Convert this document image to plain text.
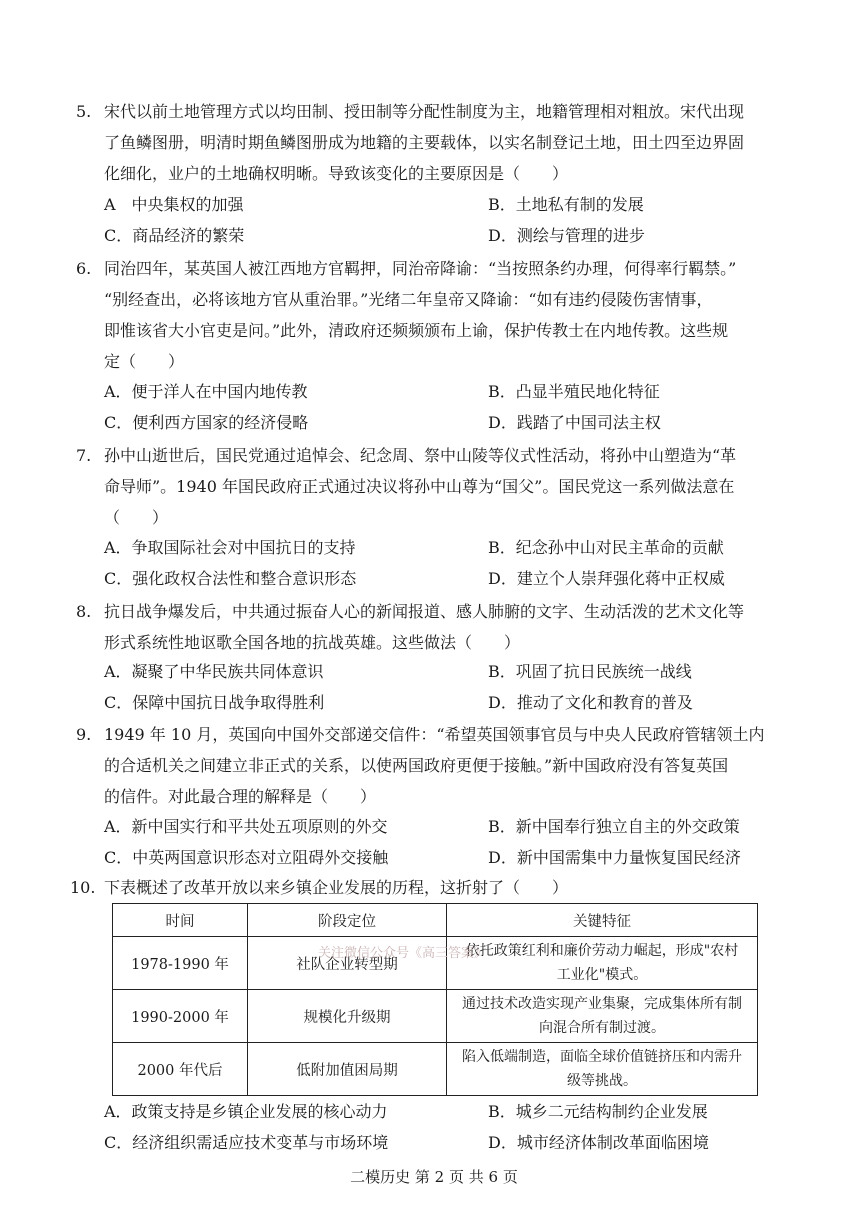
5. 宋代以前土地管理方式以均田制、授田制等分配性制度为主，地籍管理相对粗放。宋代出现
了鱼鳞图册，明清时期鱼鳞图册成为地籍的主要载体，以实名制登记土地，田土四至边界固
化细化，业户的土地确权明晰。导致该变化的主要原因是（　　）
A　中央集权的加强	B．土地私有制的发展
C．商品经济的繁荣	D．测绘与管理的进步
6. 同治四年，某英国人被江西地方官羁押，同治帝降谕：“当按照条约办理，何得率行羁禁。”
“别经查出，必将该地方官从重治罪。”光绪二年皇帝又降谕：“如有违约侵陵伤害情事，
即惟该省大小官吏是问。”此外，清政府还频频颁布上谕，保护传教士在内地传教。这些规
定（　　）
A．便于洋人在中国内地传教	B．凸显半殖民地化特征
C．便利西方国家的经济侵略	D．践踏了中国司法主权
7. 孙中山逝世后，国民党通过追悼会、纪念周、祭中山陵等仪式性活动，将孙中山塑造为“革
命导师”。1940 年国民政府正式通过决议将孙中山尊为“国父”。国民党这一系列做法意在
（　　）
A．争取国际社会对中国抗日的支持	B．纪念孙中山对民主革命的贡献
C．强化政权合法性和整合意识形态	D．建立个人崇拜强化蒋中正权威
8. 抗日战争爆发后，中共通过振奋人心的新闻报道、感人肺腑的文字、生动活泼的艺术文化等
形式系统性地讴歌全国各地的抗战英雄。这些做法（　　）
A．凝聚了中华民族共同体意识	B．巩固了抗日民族统一战线
C．保障中国抗日战争取得胜利	D．推动了文化和教育的普及
9. 1949 年 10 月，英国向中国外交部递交信件：“希望英国领事官员与中央人民政府管辖领土内
的合适机关之间建立非正式的关系，以使两国政府更便于接触。”新中国政府没有答复英国
的信件。对此最合理的解释是（　　）
A．新中国实行和平共处五项原则的外交	B．新中国奉行独立自主的外交政策
C．中英两国意识形态对立阻碍外交接触	D．新中国需集中力量恢复国民经济
10. 下表概述了改革开放以来乡镇企业发展的历程，这折射了（　　）
时间	阶段定位	关键特征
1978-1990 年	社队企业转型期	依托政策红利和廉价劳动力崛起，形成"农村工业化"模式。
1990-2000 年	规模化升级期	通过技术改造实现产业集聚，完成集体所有制向混合所有制过渡。
2000 年代后	低附加值困局期	陷入低端制造，面临全球价值链挤压和内需升级等挑战。
关注微信公众号《高三答案》
A．政策支持是乡镇企业发展的核心动力	B．城乡二元结构制约企业发展
C．经济组织需适应技术变革与市场环境	D．城市经济体制改革面临困境
二模历史 第 2 页 共 6 页
